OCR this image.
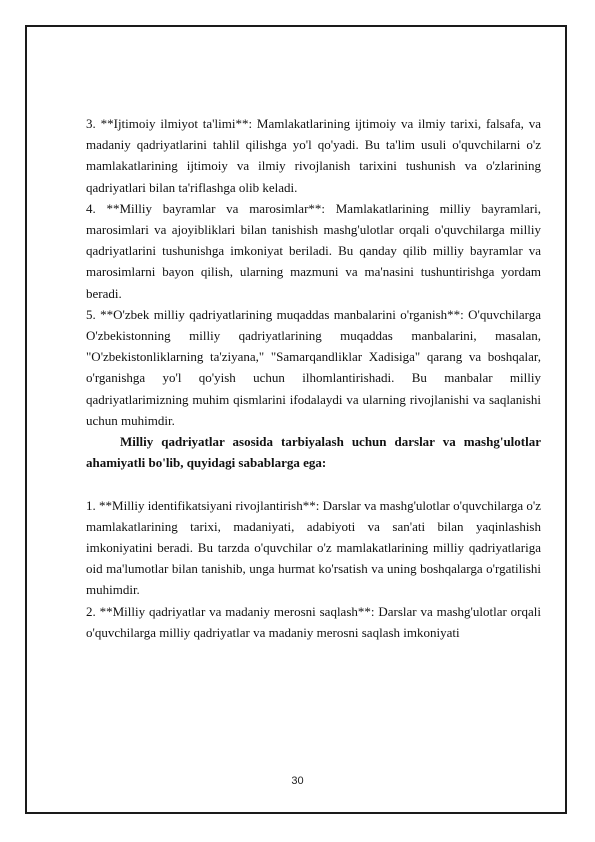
3. **Ijtimoiy ilmiyot ta'limi**: Mamlakatlarining ijtimoiy va ilmiy tarixi, falsafa, va madaniy qadriyatlarini tahlil qilishga yo'l qo'yadi. Bu ta'lim usuli o'quvchilarni o'z mamlakatlarining ijtimoiy va ilmiy rivojlanish tarixini tushunish va o'zlarining qadriyatlari bilan ta'riflashga olib keladi.

4. **Milliy bayramlar va marosimlar**: Mamlakatlarining milliy bayramlari, marosimlari va ajoyibliklari bilan tanishish mashg'ulotlar orqali o'quvchilarga milliy qadriyatlarini tushunishga imkoniyat beriladi. Bu qanday qilib milliy bayramlar va marosimlarni bayon qilish, ularning mazmuni va ma'nasini tushuntirishga yordam beradi.

5. **O'zbek milliy qadriyatlarining muqaddas manbalarini o'rganish**: O'quvchilarga O'zbekistonning milliy qadriyatlarining muqaddas manbalarini, masalan, "O'zbekistonliklarning ta'ziyana," "Samarqandliklar Xadisiga" qarang va boshqalar, o'rganishga yo'l qo'yish uchun ilhomlantirishadi. Bu manbalar milliy qadriyatlarimizning muhim qismlarini ifodalaydi va ularning rivojlanishi va saqlanishi uchun muhimdir.

Milliy qadriyatlar asosida tarbiyalash uchun darslar va mashg'ulotlar ahamiyatli bo'lib, quyidagi sabablarga ega:

1. **Milliy identifikatsiyani rivojlantirish**: Darslar va mashg'ulotlar o'quvchilarga o'z mamlakatlarining tarixi, madaniyati, adabiyoti va san'ati bilan yaqinlashish imkoniyatini beradi. Bu tarzda o'quvchilar o'z mamlakatlarining milliy qadriyatlariga oid ma'lumotlar bilan tanishib, unga hurmat ko'rsatish va uning boshqalarga o'rgatilishi muhimdir.

2. **Milliy qadriyatlar va madaniy merosni saqlash**: Darslar va mashg'ulotlar orqali o'quvchilarga milliy qadriyatlar va madaniy merosni saqlash imkoniyati

30
